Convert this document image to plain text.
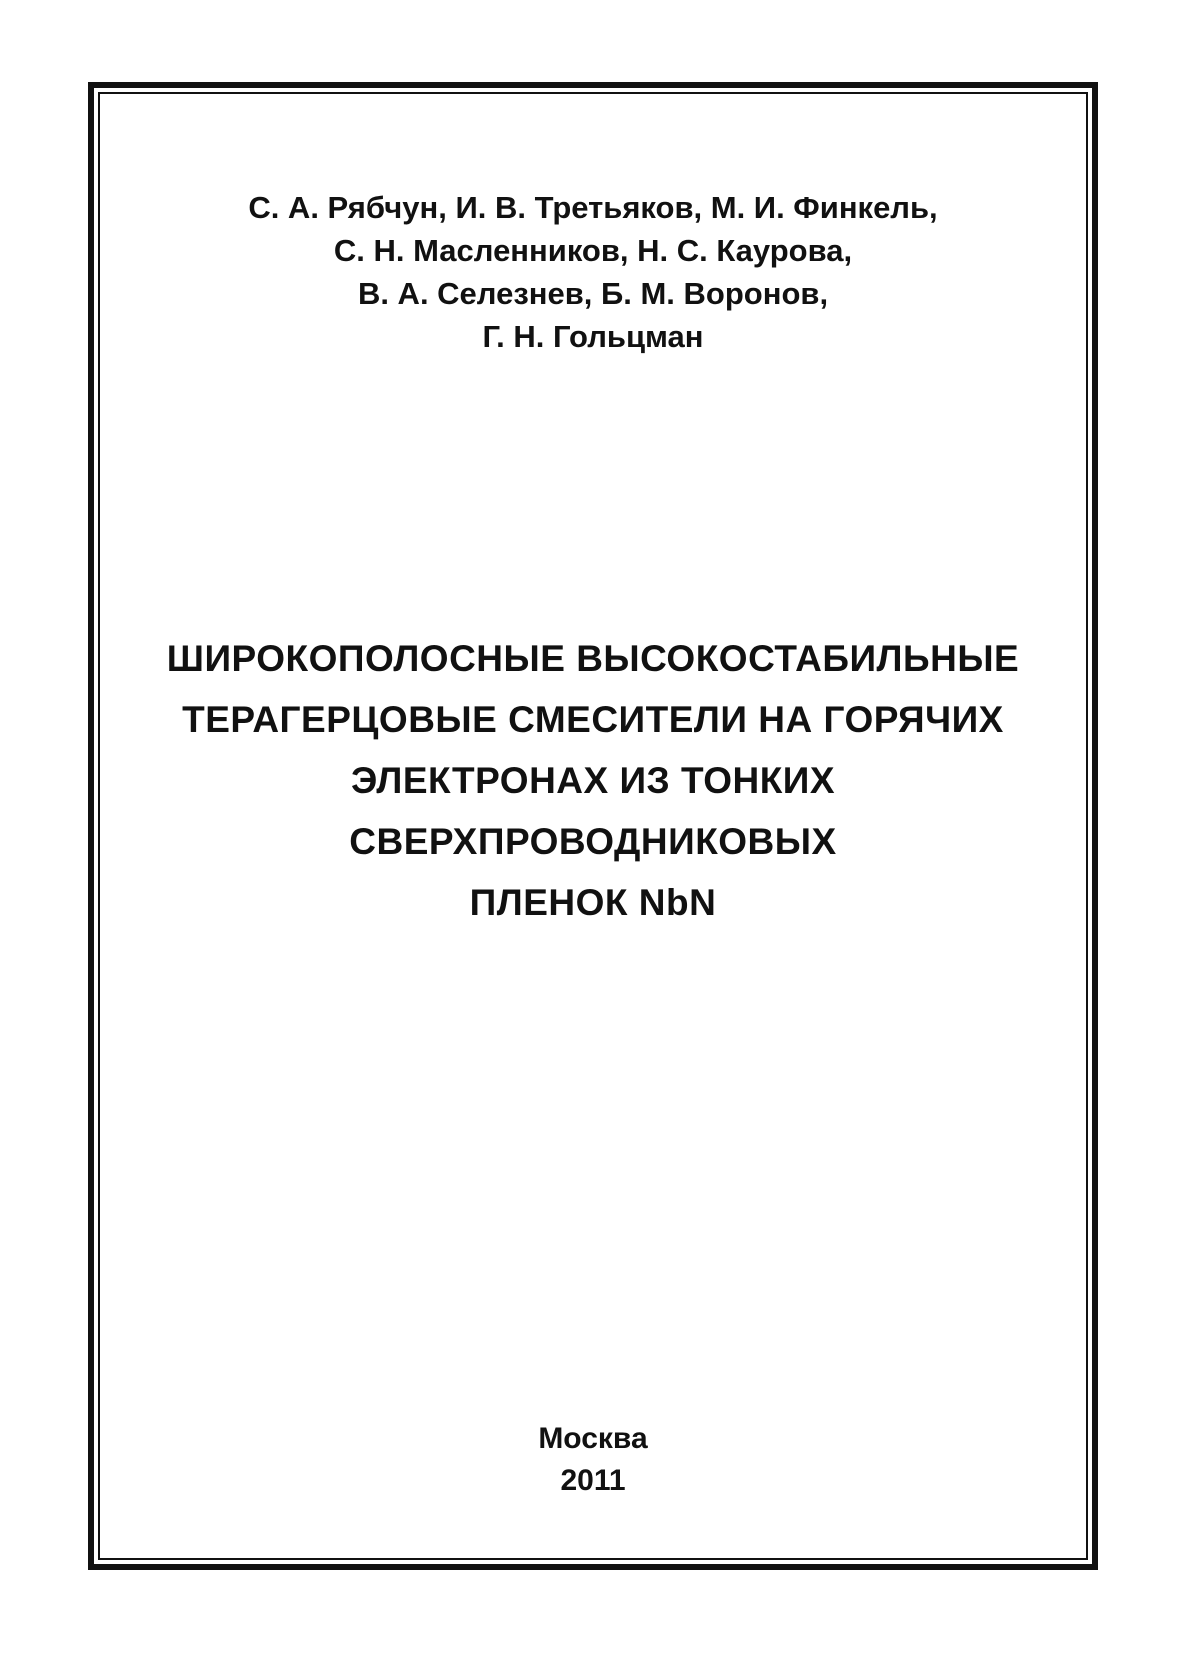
С. А. Рябчун, И. В. Третьяков, М. И. Финкель,
С. Н. Масленников, Н. С. Каурова,
В. А. Селезнев, Б. М. Воронов,
Г. Н. Гольцман
ШИРОКОПОЛОСНЫЕ ВЫСОКОСТАБИЛЬНЫЕ
ТЕРАГЕРЦОВЫЕ СМЕСИТЕЛИ НА ГОРЯЧИХ
ЭЛЕКТРОНАХ ИЗ ТОНКИХ
СВЕРХПРОВОДНИКОВЫХ
ПЛЕНОК NbN
Москва
2011
